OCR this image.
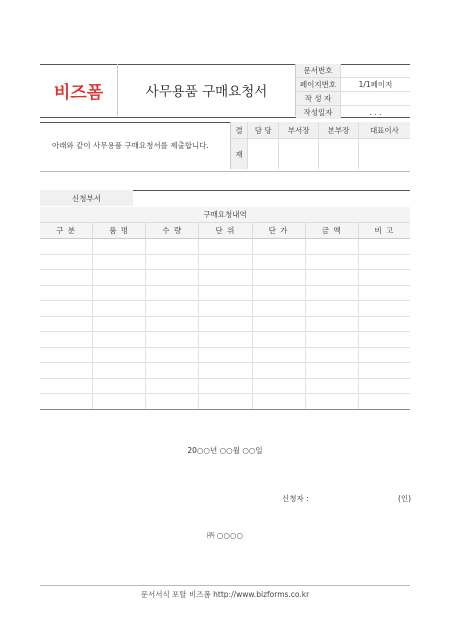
비즈폼	사무용품 구매요청서
문서번호	
페이지번호	1/1페이지
작 성 자	
작성일자	. . .
아래와 같이 사무용품 구매요청서를 제출합니다.
결	담 당	부서장	본부장	대표이사
재				
신청부서
구매요청내역						
구 분	품 명	수 량	단 위	단 가	금 액	비 고

20○○년 ○○월 ○○일
신청자 :	(인)
㈜ ○○○○
문서서식 포탈 비즈폼 http://www.bizforms.co.kr
